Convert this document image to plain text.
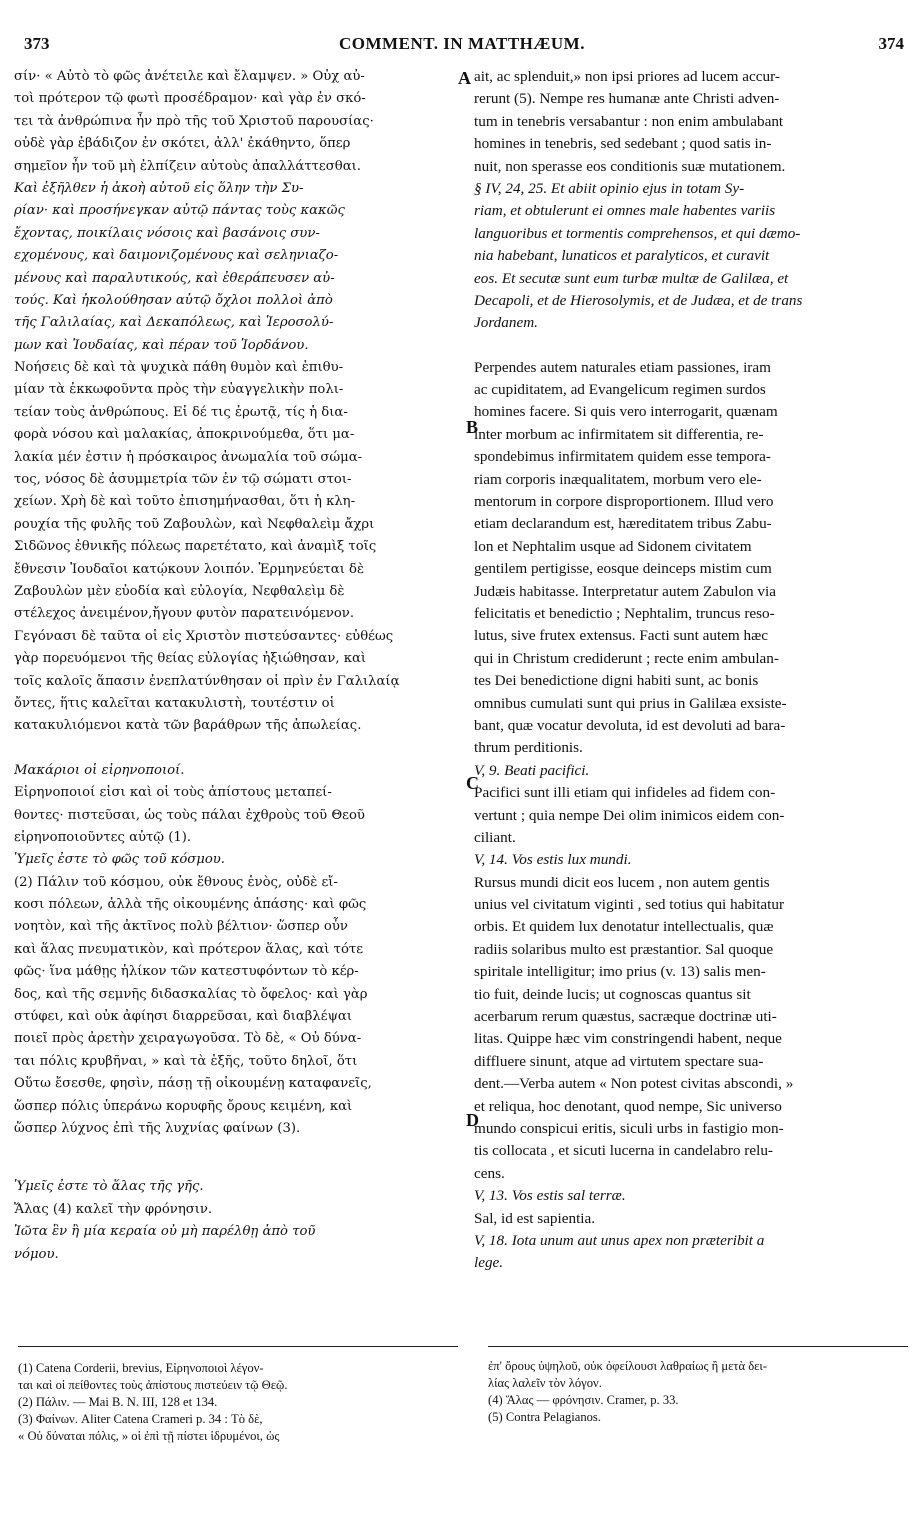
373	COMMENT. IN MATTHÆUM.	374
A
B
C
D
σίν· « Αὐτὸ τὸ φῶς ἀνέτειλε καὶ ἔλαμψεν. » Οὐχ αὐ-
τοὶ πρότερον τῷ φωτὶ προσέδραμον· καὶ γὰρ ἐν σκό-
τει τὰ ἀνθρώπινα ἦν πρὸ τῆς τοῦ Χριστοῦ παρουσίας·
οὐδὲ γὰρ ἐβάδιζον ἐν σκότει, ἀλλ' ἐκάθηντο, ὅπερ
σημεῖον ἦν τοῦ μὴ ἐλπίζειν αὐτοὺς ἀπαλλάττεσθαι.
Καὶ ἐξῆλθεν ἡ ἀκοὴ αὐτοῦ εἰς ὅλην τὴν Συ-
ρίαν· καὶ προσήνεγκαν αὐτῷ πάντας τοὺς κακῶς
ἔχοντας, ποικίλαις νόσοις καὶ βασάνοις συν-
εχομένους, καὶ δαιμονιζομένους καὶ σεληνιαζο-
μένους καὶ παραλυτικούς, καὶ ἐθεράπευσεν αὐ-
τούς. Καὶ ἠκολούθησαν αὐτῷ ὄχλοι πολλοὶ ἀπὸ
τῆς Γαλιλαίας, καὶ Δεκαπόλεως, καὶ Ἱεροσολύ-
μων καὶ Ἰουδαίας, καὶ πέραν τοῦ Ἰορδάνου.
Νοήσεις δὲ καὶ τὰ ψυχικὰ πάθη θυμὸν καὶ ἐπιθυ-
μίαν τὰ ἐκκωφοῦντα πρὸς τὴν εὐαγγελικὴν πολι-
τείαν τοὺς ἀνθρώπους. Εἰ δέ τις ἐρωτᾷ, τίς ἡ δια-
φορὰ νόσου καὶ μαλακίας, ἀποκρινούμεθα, ὅτι μα-
λακία μέν ἐστιν ἡ πρόσκαιρος ἀνωμαλία τοῦ σώμα-
τος, νόσος δὲ ἀσυμμετρία τῶν ἐν τῷ σώματι στοι-
χείων. Χρὴ δὲ καὶ τοῦτο ἐπισημήνασθαι, ὅτι ἡ κλη-
ρουχία τῆς φυλῆς τοῦ Ζαβουλὼν, καὶ Νεφθαλεὶμ ἄχρι
Σιδῶνος ἐθνικῆς πόλεως παρετέτατο, καὶ ἀναμὶξ τοῖς
ἔθνεσιν Ἰουδαῖοι κατῴκουν λοιπόν. Ἑρμηνεύεται δὲ
Ζαβουλὼν μὲν εὐοδία καὶ εὐλογία, Νεφθαλεὶμ δὲ
στέλεχος ἀνειμένον,ἤγουν φυτὸν παρατεινόμενον.
Γεγόνασι δὲ ταῦτα οἱ εἰς Χριστὸν πιστεύσαντες· εὐθέως
γὰρ πορευόμενοι τῆς θείας εὐλογίας ἠξιώθησαν, καὶ
τοῖς καλοῖς ἅπασιν ἐνεπλατύνθησαν οἱ πρὶν ἐν Γαλιλαίᾳ
ὄντες, ἥτις καλεῖται κατακυλιστὴ, τουτέστιν οἱ
κατακυλιόμενοι κατὰ τῶν βαράθρων τῆς ἀπωλείας.
Μακάριοι οἱ εἰρηνοποιοί.
Εἰρηνοποιοί εἰσι καὶ οἱ τοὺς ἀπίστους μεταπεί-
θοντες· πιστεῦσαι, ὡς τοὺς πάλαι ἐχθροὺς τοῦ Θεοῦ
εἰρηνοποιοῦντες αὐτῷ (1).
Ὑμεῖς ἐστε τὸ φῶς τοῦ κόσμου.
(2) Πάλιν τοῦ κόσμου, οὐκ ἔθνους ἑνὸς, οὐδὲ εἴ-
κοσι πόλεων, ἀλλὰ τῆς οἰκουμένης ἁπάσης· καὶ φῶς
νοητὸν, καὶ τῆς ἀκτῖνος πολὺ βέλτιον· ὥσπερ οὖν
καὶ ἅλας πνευματικὸν, καὶ πρότερον ἅλας, καὶ τότε
φῶς· ἵνα μάθῃς ἡλίκον τῶν κατεστυφόντων τὸ κέρ-
δος, καὶ τῆς σεμνῆς διδασκαλίας τὸ ὄφελος· καὶ γὰρ
στύφει, καὶ οὐκ ἀφίησι διαρρεῦσαι, καὶ διαβλέψαι
ποιεῖ πρὸς ἀρετὴν χειραγωγοῦσα. Τὸ δὲ, « Οὐ δύνα-
ται πόλις κρυβῆναι, » καὶ τὰ ἑξῆς, τοῦτο δηλοῖ, ὅτι
Οὕτω ἔσεσθε, φησὶν, πάσῃ τῇ οἰκουμένῃ καταφανεῖς,
ὥσπερ πόλις ὑπεράνω κορυφῆς ὄρους κειμένη, καὶ
ὥσπερ λύχνος ἐπὶ τῆς λυχνίας φαίνων (3).
Ὑμεῖς ἐστε τὸ ἅλας τῆς γῆς.
Ἅλας (4) καλεῖ τὴν φρόνησιν.
Ἰῶτα ἓν ἢ μία κεραία οὐ μὴ παρέλθῃ ἀπὸ τοῦ
νόμου.
ait, ac splenduit,» non ipsi priores ad lucem accur-
rerunt (5). Nempe res humanæ ante Christi adven-
tum in tenebris versabantur : non enim ambulabant
homines in tenebris, sed sedebant ; quod satis in-
nuit, non sperasse eos conditionis suæ mutationem.
§ IV, 24, 25. Et abiit opinio ejus in totam Sy-
riam, et obtulerunt ei omnes male habentes variis
languoribus et tormentis comprehensos, et qui dæmo-
nia habebant, lunaticos et paralyticos, et curavit
eos. Et secutæ sunt eum turbæ multæ de Galilæa, et
Decapoli, et de Hierosolymis, et de Judæa, et de trans
Jordanem.
Perpendes autem naturales etiam passiones, iram
ac cupiditatem, ad Evangelicum regimen surdos
homines facere. Si quis vero interrogarit, quænam
inter morbum ac infirmitatem sit differentia, re-
spondebimus infirmitatem quidem esse tempora-
riam corporis inæqualitatem, morbum vero ele-
mentorum in corpore disproportionem. Illud vero
etiam declarandum est, hæreditatem tribus Zabu-
lon et Nephtalim usque ad Sidonem civitatem
gentilem pertigisse, eosque deinceps mistim cum
Judæis habitasse. Interpretatur autem Zabulon via
felicitatis et benedictio ; Nephtalim, truncus reso-
lutus, sive frutex extensus. Facti sunt autem hæc
qui in Christum crediderunt ; recte enim ambulan-
tes Dei benedictione digni habiti sunt, ac bonis
omnibus cumulati sunt qui prius in Galilæa exsiste-
bant, quæ vocatur devoluta, id est devoluti ad bara-
thrum perditionis.
V, 9. Beati pacifici.
Pacifici sunt illi etiam qui infideles ad fidem con-
vertunt ; quia nempe Dei olim inimicos eidem con-
ciliant.
V, 14. Vos estis lux mundi.
Rursus mundi dicit eos lucem , non autem gentis
unius vel civitatum viginti , sed totius qui habitatur
orbis. Et quidem lux denotatur intellectualis, quæ
radiis solaribus multo est præstantior. Sal quoque
spiritale intelligitur; imo prius (v. 13) salis men-
tio fuit, deinde lucis; ut cognoscas quantus sit
acerbarum rerum quæstus, sacræque doctrinæ uti-
litas. Quippe hæc vim constringendi habent, neque
diffluere sinunt, atque ad virtutem spectare sua-
dent.—Verba autem « Non potest civitas abscondi, »
et reliqua, hoc denotant, quod nempe, Sic universo
mundo conspicui eritis, siculi urbs in fastigio mon-
tis collocata , et sicuti lucerna in candelabro relu-
cens.
V, 13. Vos estis sal terræ.
Sal, id est sapientia.
V, 18. Iota unum aut unus apex non præteribit a
lege.
(1) Catena Corderii, brevius, Εἰρηνοποιοὶ λέγον-
ται καὶ οἱ πείθοντες τοὺς ἀπίστους πιστεύειν τῷ Θεῷ.
(2) Πάλιν. — Mai B. N. III, 128 et 134.
(3) Φαίνων. Aliter Catena Crameri p. 34 : Τὸ δὲ,
« Οὐ δύναται πόλις, » οἱ ἐπὶ τῇ πίστει ἱδρυμένοι, ὡς
ἐπ' ὄρους ὑψηλοῦ, οὐκ ὀφείλουσι λαθραίως ἢ μετὰ δει-
λίας λαλεῖν τὸν λόγον.
(4) Ἅλας — φρόνησιν. Cramer, p. 33.
(5) Contra Pelagianos.
